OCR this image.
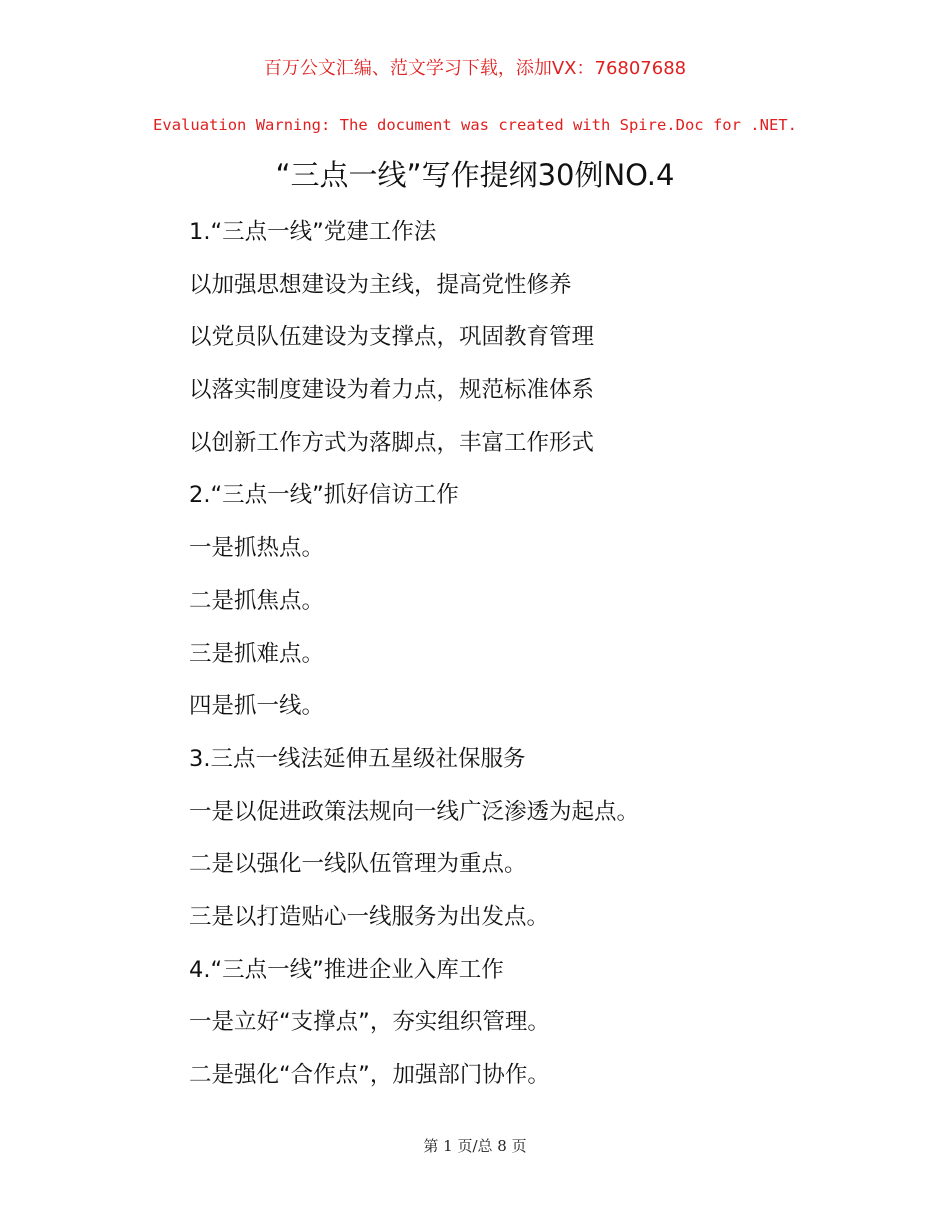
百万公文汇编、范文学习下载，添加VX：76807688
Evaluation Warning: The document was created with Spire.Doc for .NET.
“三点一线”写作提纲30例NO.4
1.“三点一线”党建工作法
以加强思想建设为主线，提高党性修养
以党员队伍建设为支撑点，巩固教育管理
以落实制度建设为着力点，规范标准体系
以创新工作方式为落脚点，丰富工作形式
2.“三点一线”抓好信访工作
一是抓热点。
二是抓焦点。
三是抓难点。
四是抓一线。
3.三点一线法延伸五星级社保服务
一是以促进政策法规向一线广泛渗透为起点。
二是以强化一线队伍管理为重点。
三是以打造贴心一线服务为出发点。
4.“三点一线”推进企业入库工作
一是立好“支撑点”，夯实组织管理。
二是强化“合作点”，加强部门协作。
第 1 页/总 8 页
